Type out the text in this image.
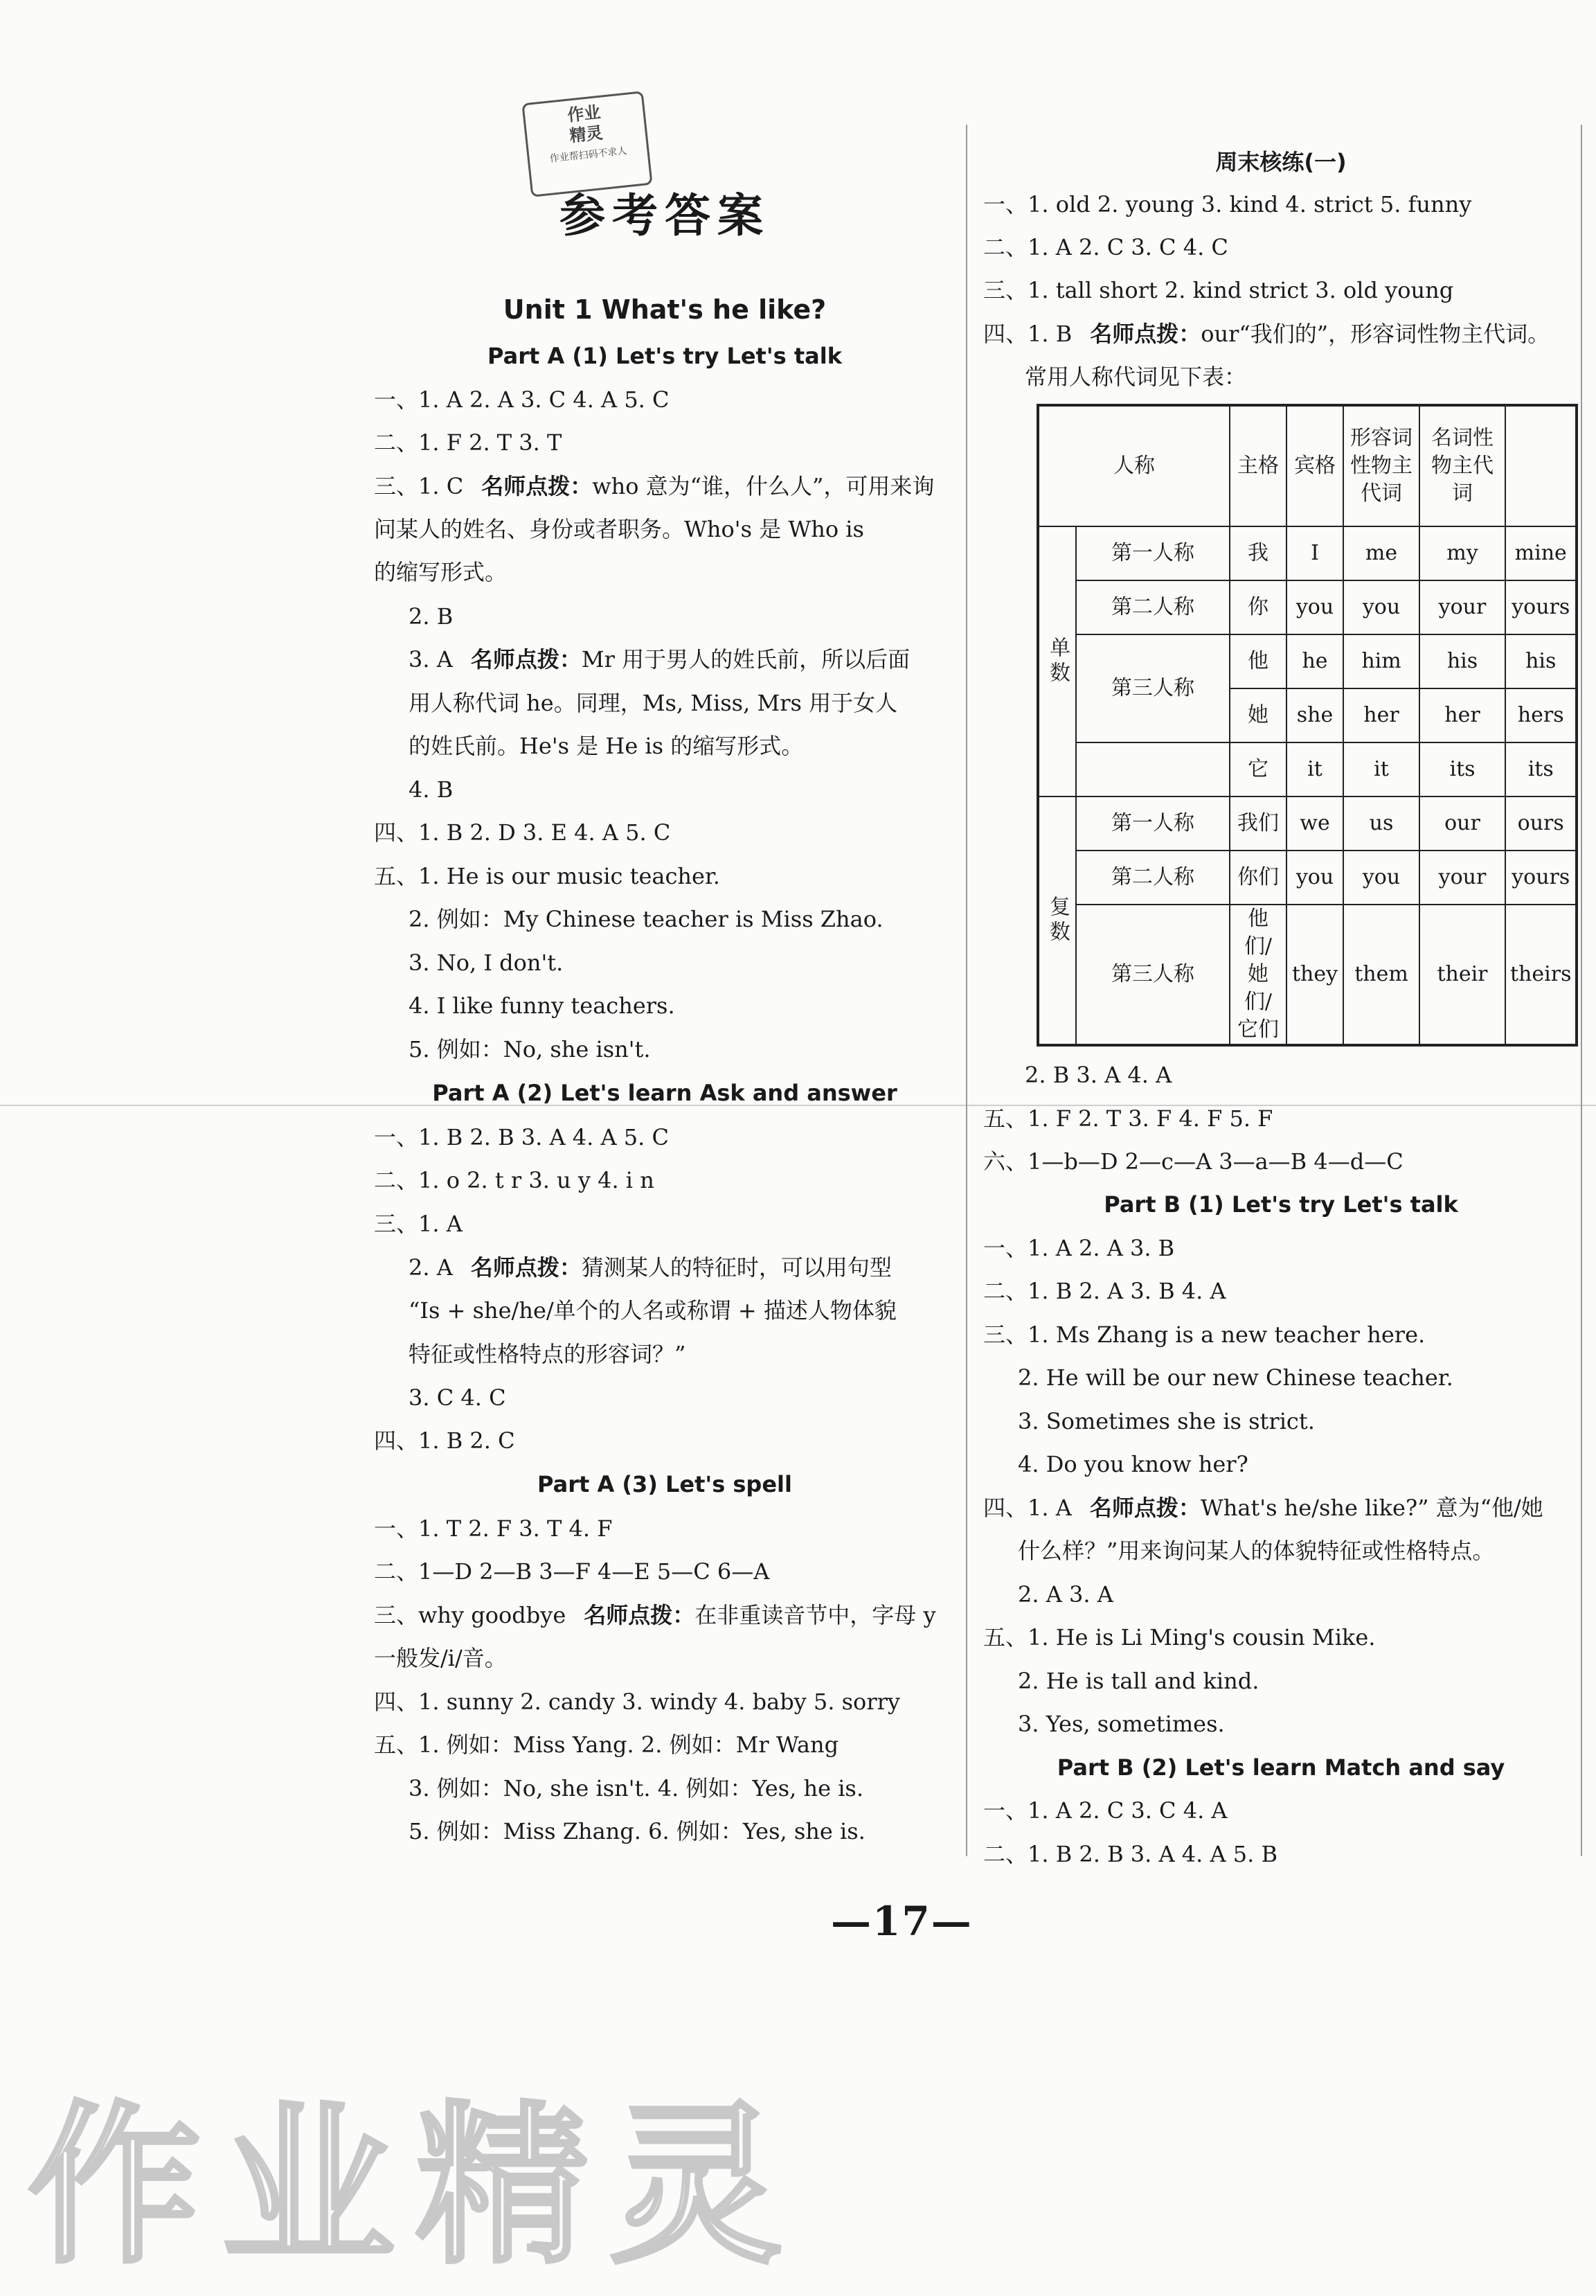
作业
精灵
作业帮扫码不求人
参考答案
Unit 1 What's he like?
Part A (1) Let's try Let's talk
一、1. A 2. A 3. C 4. A 5. C
二、1. F 2. T 3. T
三、1. C 名师点拨：who 意为“谁，什么人”，可用来询
问某人的姓名、身份或者职务。Who's 是 Who is
的缩写形式。
2. B
3. A 名师点拨：Mr 用于男人的姓氏前，所以后面
用人称代词 he。同理，Ms, Miss, Mrs 用于女人
的姓氏前。He's 是 He is 的缩写形式。
4. B
四、1. B 2. D 3. E 4. A 5. C
五、1. He is our music teacher.
2. 例如：My Chinese teacher is Miss Zhao.
3. No, I don't.
4. I like funny teachers.
5. 例如：No, she isn't.
Part A (2) Let's learn Ask and answer
一、1. B 2. B 3. A 4. A 5. C
二、1. o 2. t r 3. u y 4. i n
三、1. A
2. A 名师点拨：猜测某人的特征时，可以用句型
“Is + she/he/单个的人名或称谓 + 描述人物体貌
特征或性格特点的形容词？”
3. C 4. C
四、1. B 2. C
Part A (3) Let's spell
一、1. T 2. F 3. T 4. F
二、1—D 2—B 3—F 4—E 5—C 6—A
三、why goodbye 名师点拨：在非重读音节中，字母 y
一般发/i/音。
四、1. sunny 2. candy 3. windy 4. baby 5. sorry
五、1. 例如：Miss Yang. 2. 例如：Mr Wang
3. 例如：No, she isn't. 4. 例如：Yes, he is.
5. 例如：Miss Zhang. 6. 例如：Yes, she is.
周末核练(一)
一、1. old 2. young 3. kind 4. strict 5. funny
二、1. A 2. C 3. C 4. C
三、1. tall short 2. kind strict 3. old young
四、1. B 名师点拨：our“我们的”，形容词性物主代词。
常用人称代词见下表：
2. B 3. A 4. A
五、1. F 2. T 3. F 4. F 5. F
六、1—b—D 2—c—A 3—a—B 4—d—C
Part B (1) Let's try Let's talk
一、1. A 2. A 3. B
二、1. B 2. A 3. B 4. A
三、1. Ms Zhang is a new teacher here.
2. He will be our new Chinese teacher.
3. Sometimes she is strict.
4. Do you know her?
四、1. A 名师点拨：What's he/she like?” 意为“他/她
什么样？”用来询问某人的体貌特征或性格特点。
2. A 3. A
五、1. He is Li Ming's cousin Mike.
2. He is tall and kind.
3. Yes, sometimes.
Part B (2) Let's learn Match and say
一、1. A 2. C 3. C 4. A
二、1. B 2. B 3. A 4. A 5. B
人称		主格	宾格	形容词性物主代词	名词性物主代词	
单数	第一人称	我	I	me	my	mine
	第二人称	你	you	you	your	yours
	第三人称	他	he	him	his	his
		她	she	her	her	hers
		它	it	it	its	its
复数	第一人称	我们	we	us	our	ours
	第二人称	你们	you	you	your	yours
	第三人称	他们/她们/它们	they	them	their	theirs
—17—
作业精灵
